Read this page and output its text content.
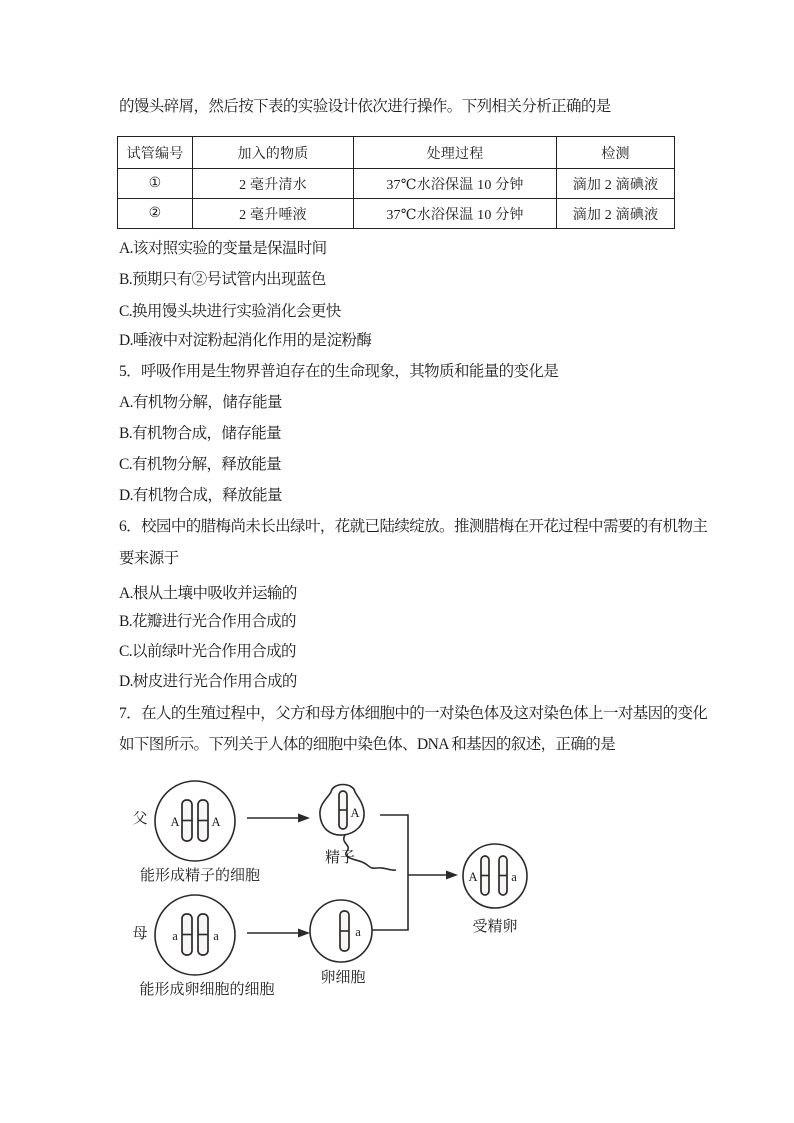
的馒头碎屑，然后按下表的实验设计依次进行操作。下列相关分析正确的是
试管编号	加入的物质	处理过程	检测
①	2 毫升清水	37℃水浴保温 10 分钟	滴加 2 滴碘液
②	2 毫升唾液	37℃水浴保温 10 分钟	滴加 2 滴碘液
A.该对照实验的变量是保温时间
B.预期只有②号试管内出现蓝色
C.换用馒头块进行实验消化会更快
D.唾液中对淀粉起消化作用的是淀粉酶
5．呼吸作用是生物界普迫存在的生命现象，其物质和能量的变化是
A.有机物分解，储存能量
B.有机物合成，储存能量
C.有机物分解，释放能量
D.有机物合成，释放能量
6．校园中的腊梅尚未长出绿叶，花就已陆续绽放。推测腊梅在开花过程中需要的有机物主
要来源于
A.根从土壤中吸收并运输的
B.花瓣进行光合作用合成的
C.以前绿叶光合作用合成的
D.树皮进行光合作用合成的
7．在人的生殖过程中，父方和母方体细胞中的一对染色体及这对染色体上一对基因的变化
如下图所示。下列关于人体的细胞中染色体、DNA 和基因的叙述，正确的是
父 A	A
能形成精子的细胞
A
精子
A	a
受精卵
母 a	a
能形成卵细胞的细胞
a
卵细胞
